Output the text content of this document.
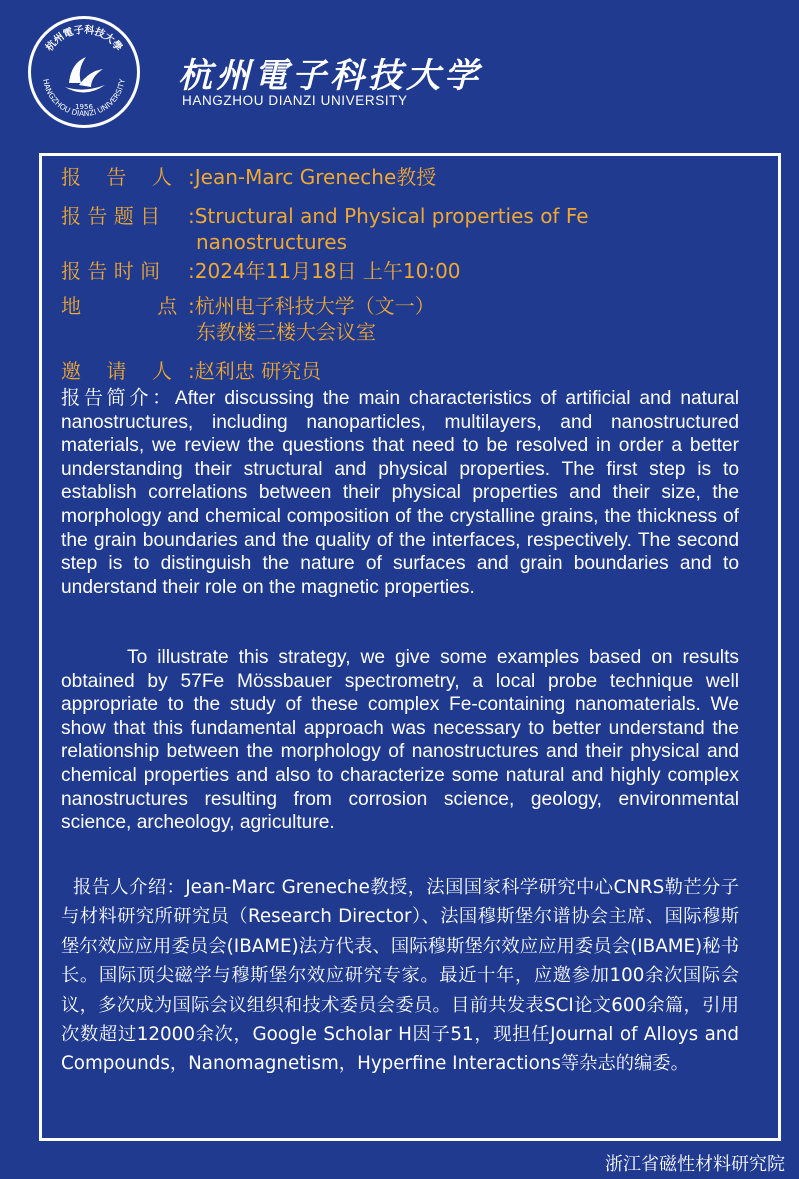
杭州電子科技大學
HANGZHOU DIANZI UNIVERSITY
1956
杭州電子科技大学
HANGZHOU DIANZI UNIVERSITY
报    告    人 :Jean-Marc Greneche教授
报 告 题 目 :Structural and Physical properties of Fe
nanostructures
报 告 时 间 :2024年11月18日 上午10:00
地            点 :杭州电子科技大学（文一）
东教楼三楼大会议室
邀    请    人 :赵利忠 研究员
报告简介：After discussing the main characteristics of artificial and natural nanostructures, including nanoparticles, multilayers, and nanostructured materials, we review the questions that need to be resolved in order a better understanding their structural and physical properties. The first step is to establish correlations between their physical properties and their size, the morphology and chemical composition of the crystalline grains, the thickness of the grain boundaries and the quality of the interfaces, respectively. The second step is to distinguish the nature of surfaces and grain boundaries and to understand their role on the magnetic properties.
To illustrate this strategy, we give some examples based on results obtained by 57Fe Mössbauer spectrometry, a local probe technique well appropriate to the study of these complex Fe-containing nanomaterials. We show that this fundamental approach was necessary to better understand the relationship between the morphology of nanostructures and their physical and chemical properties and also to characterize some natural and highly complex nanostructures resulting from corrosion science, geology, environmental science, archeology, agriculture.
报告人介绍：Jean-Marc Greneche教授，法国国家科学研究中心CNRS勒芒分子与材料研究所研究员（Research Director）、法国穆斯堡尔谱协会主席、国际穆斯堡尔效应应用委员会(IBAME)法方代表、国际穆斯堡尔效应应用委员会(IBAME)秘书长。国际顶尖磁学与穆斯堡尔效应研究专家。最近十年，应邀参加100余次国际会议，多次成为国际会议组织和技术委员会委员。目前共发表SCI论文600余篇，引用次数超过12000余次，Google Scholar H因子51，现担任Journal of Alloys and Compounds，Nanomagnetism，Hyperfine Interactions等杂志的编委。
浙江省磁性材料研究院
